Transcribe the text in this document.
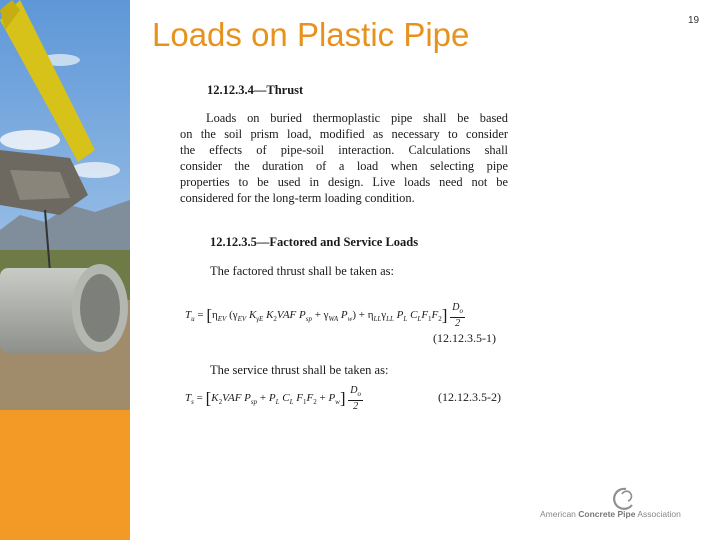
Loads on Plastic Pipe	19
12.12.3.4—Thrust
Loads on buried thermoplastic pipe shall be based
on the soil prism load, modified as necessary to consider
the effects of pipe-soil interaction. Calculations shall
consider the duration of a load when selecting pipe
properties to be used in design. Live loads need not be
considered for the long-term loading condition.
12.12.3.5—Factored and Service Loads
The factored thrust shall be taken as:
$T_u = [\eta_{EV}$ ($\gamma_{EV}$ $K_{\gamma E}$ $K_2VAF$ $P_{sp} + \gamma_{WA}$ $P_w) + \eta_{LL}\gamma_{LL}$ $P_L$ $C_LF_1F_2] \frac{D_o}{2}$
(12.12.3.5-1)
The service thrust shall be taken as:
$T_s = [K_2VAF$ $P_{sp} + P_L$ $C_L$ $F_1F_2 + P_w] \frac{D_o}{2}$	(12.12.3.5-2)
American Concrete Pipe Association
